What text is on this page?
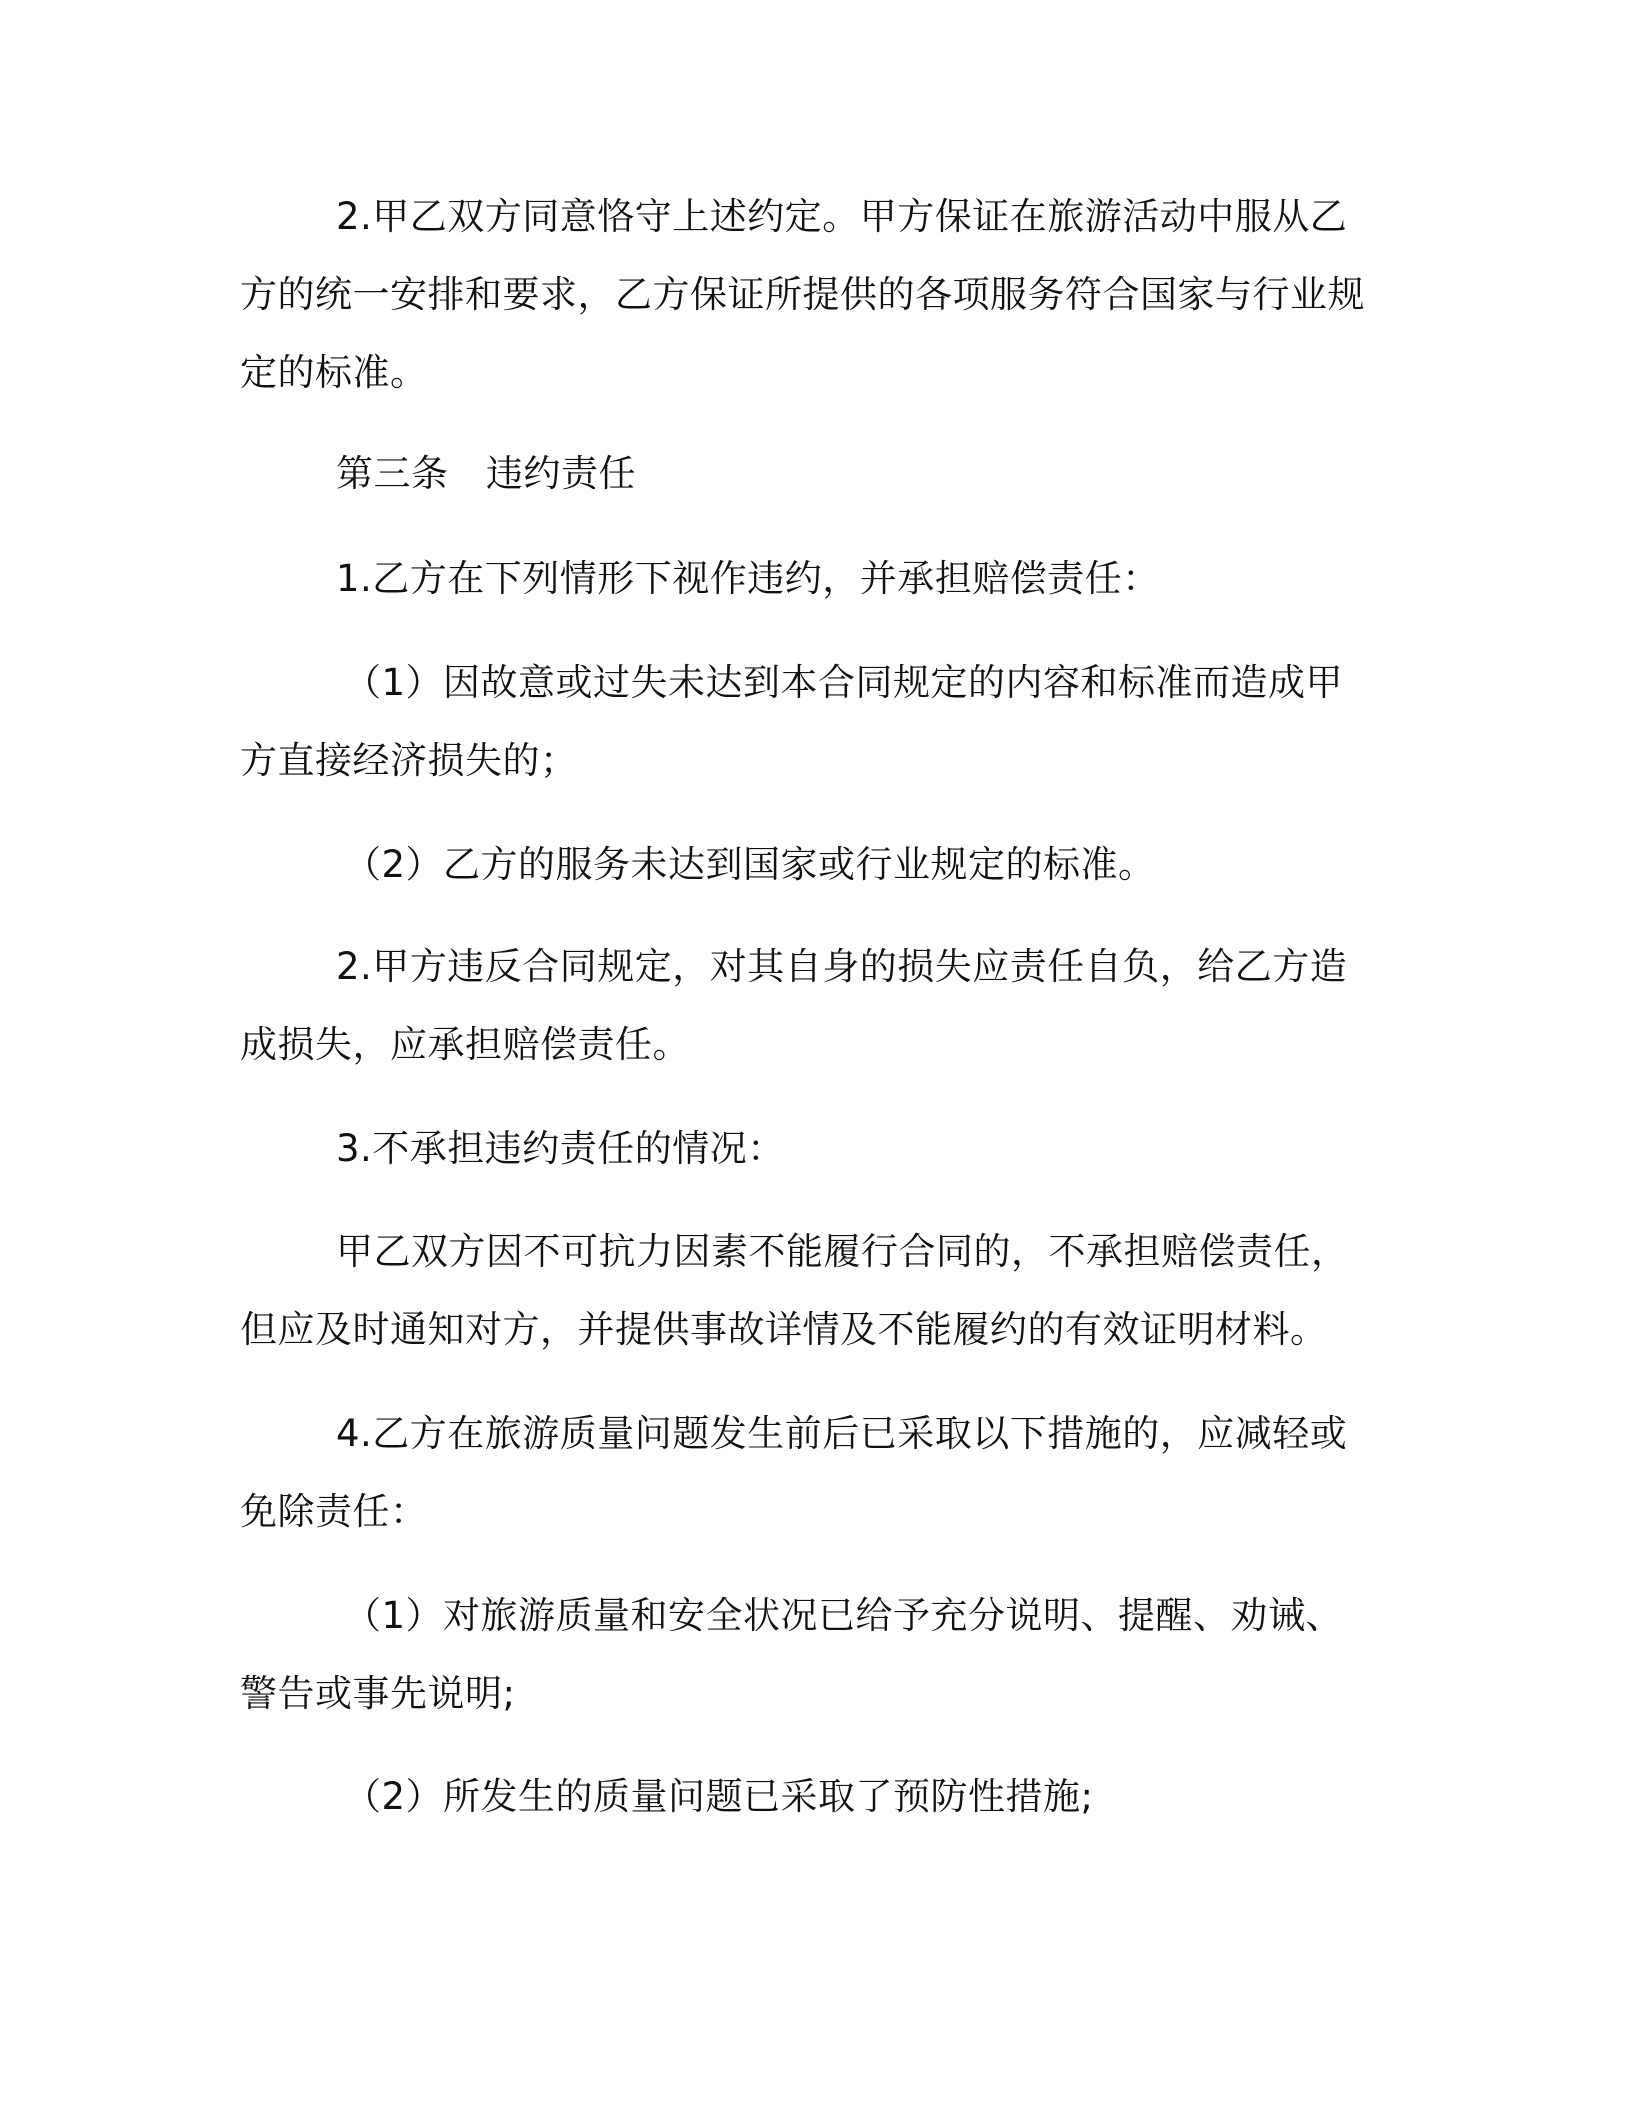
2.甲乙双方同意恪守上述约定。甲方保证在旅游活动中服从乙方的统一安排和要求，乙方保证所提供的各项服务符合国家与行业规定的标准。

第三条　违约责任

1.乙方在下列情形下视作违约，并承担赔偿责任：

（1）因故意或过失未达到本合同规定的内容和标准而造成甲方直接经济损失的；

（2）乙方的服务未达到国家或行业规定的标准。

2.甲方违反合同规定，对其自身的损失应责任自负，给乙方造成损失，应承担赔偿责任。

3.不承担违约责任的情况：

甲乙双方因不可抗力因素不能履行合同的，不承担赔偿责任，但应及时通知对方，并提供事故详情及不能履约的有效证明材料。

4.乙方在旅游质量问题发生前后已采取以下措施的，应减轻或免除责任：

（1）对旅游质量和安全状况已给予充分说明、提醒、劝诫、警告或事先说明;

（2）所发生的质量问题已采取了预防性措施;
